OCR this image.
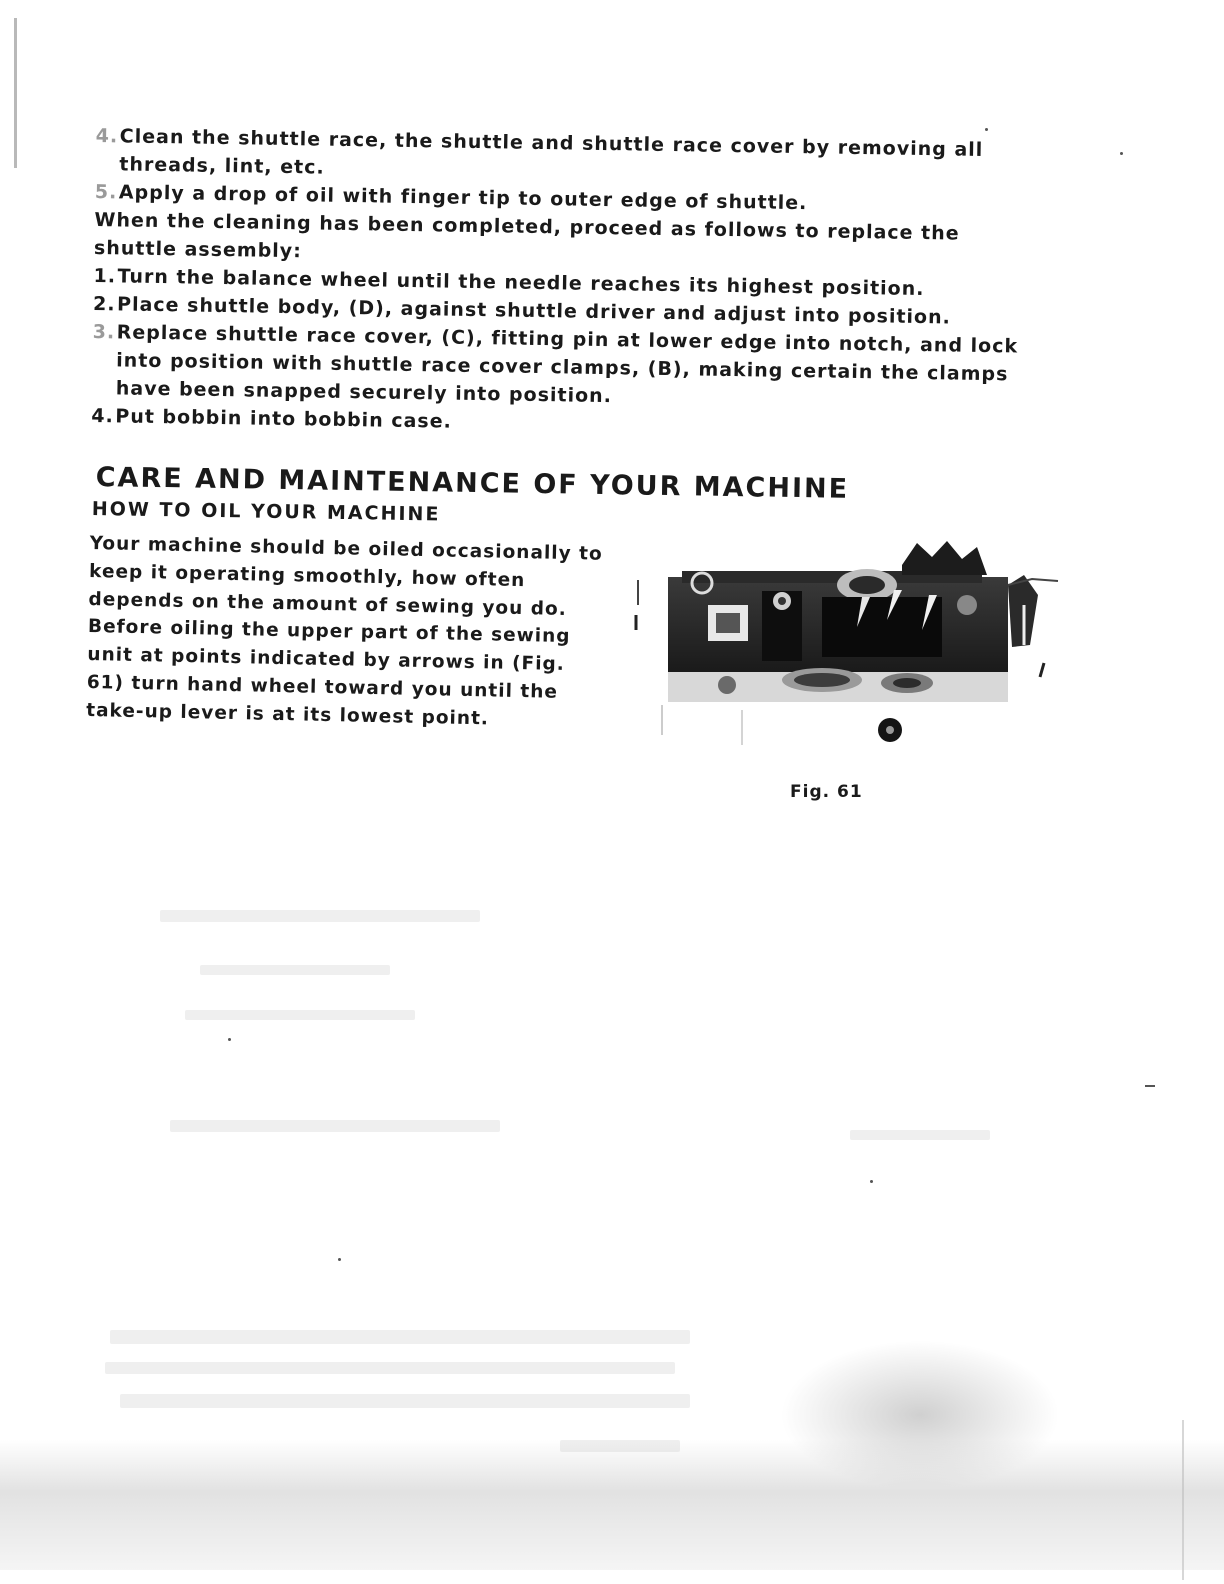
4. Clean the shuttle race, the shuttle and shuttle race cover by removing all threads, lint, etc.
5. Apply a drop of oil with finger tip to outer edge of shuttle.

When the cleaning has been completed, proceed as follows to replace the shuttle assembly:

1. Turn the balance wheel until the needle reaches its highest position.
2. Place shuttle body, (D), against shuttle driver and adjust into position.
3. Replace shuttle race cover, (C), fitting pin at lower edge into notch, and lock into position with shuttle race cover clamps, (B), making certain the clamps have been snapped securely into position.
4. Put bobbin into bobbin case.
CARE AND MAINTENANCE OF YOUR MACHINE
HOW TO OIL YOUR MACHINE

Your machine should be oiled occasionally to keep it operating smoothly, how often depends on the amount of sewing you do.

Before oiling the upper part of the sewing unit at points indicated by arrows in (Fig. 61) turn hand wheel toward you until the take-up lever is at its lowest point.

Fig. 61
